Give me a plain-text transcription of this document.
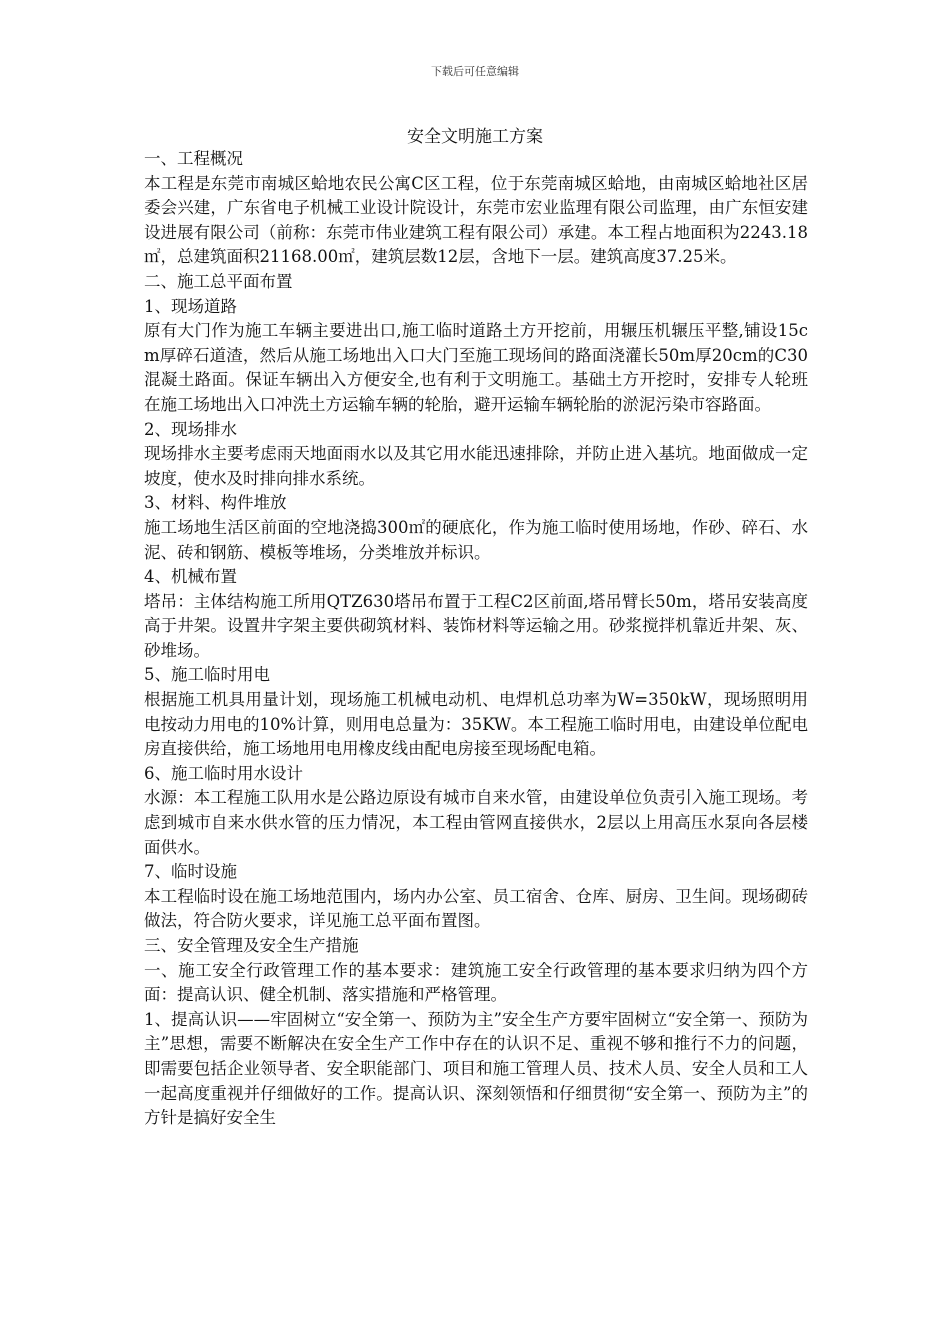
下载后可任意编辑
安全文明施工方案

一、工程概况

本工程是东莞市南城区蛤地农民公寓C区工程，位于东莞南城区蛤地，由南城区蛤地社区居委会兴建，广东省电子机械工业设计院设计，东莞市宏业监理有限公司监理，由广东恒安建设进展有限公司（前称：东莞市伟业建筑工程有限公司）承建。本工程占地面积为2243.18㎡，总建筑面积21168.00㎡，建筑层数12层，含地下一层。建筑高度37.25米。

二、施工总平面布置

1、现场道路

原有大门作为施工车辆主要进出口,施工临时道路土方开挖前，用辗压机辗压平整,铺设15cm厚碎石道渣，然后从施工场地出入口大门至施工现场间的路面浇灌长50m厚20cm的C30混凝土路面。保证车辆出入方便安全,也有利于文明施工。基础土方开挖时，安排专人轮班在施工场地出入口冲洗土方运输车辆的轮胎，避开运输车辆轮胎的淤泥污染市容路面。

2、现场排水

现场排水主要考虑雨天地面雨水以及其它用水能迅速排除，并防止进入基坑。地面做成一定坡度，使水及时排向排水系统。

3、材料、构件堆放

施工场地生活区前面的空地浇捣300㎡的硬底化，作为施工临时使用场地，作砂、碎石、水泥、砖和钢筋、模板等堆场，分类堆放并标识。

4、机械布置

塔吊：主体结构施工所用QTZ630塔吊布置于工程C2区前面,塔吊臂长50m，塔吊安装高度高于井架。设置井字架主要供砌筑材料、装饰材料等运输之用。砂浆搅拌机靠近井架、灰、砂堆场。

5、施工临时用电

根据施工机具用量计划，现场施工机械电动机、电焊机总功率为W=350kW，现场照明用电按动力用电的10%计算，则用电总量为：35KW。本工程施工临时用电，由建设单位配电房直接供给，施工场地用电用橡皮线由配电房接至现场配电箱。

6、施工临时用水设计

水源：本工程施工队用水是公路边原设有城市自来水管，由建设单位负责引入施工现场。考虑到城市自来水供水管的压力情况，本工程由管网直接供水，2层以上用高压水泵向各层楼面供水。

7、临时设施

本工程临时设在施工场地范围内，场内办公室、员工宿舍、仓库、厨房、卫生间。现场砌砖做法，符合防火要求，详见施工总平面布置图。

三、安全管理及安全生产措施

一、施工安全行政管理工作的基本要求：建筑施工安全行政管理的基本要求归纳为四个方面：提高认识、健全机制、落实措施和严格管理。

1、提高认识——牢固树立“安全第一、预防为主”安全生产方要牢固树立“安全第一、预防为主”思想，需要不断解决在安全生产工作中存在的认识不足、重视不够和推行不力的问题，即需要包括企业领导者、安全职能部门、项目和施工管理人员、技术人员、安全人员和工人一起高度重视并仔细做好的工作。提高认识、深刻领悟和仔细贯彻“安全第一、预防为主”的方针是搞好安全生
